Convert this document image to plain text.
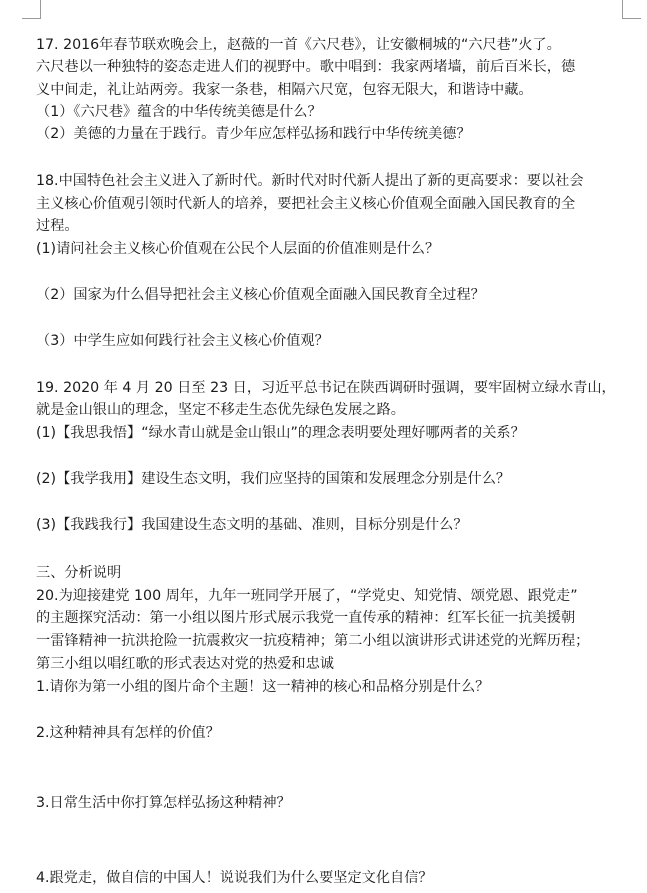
17. 2016年春节联欢晚会上，赵薇的一首《六尺巷》，让安徽桐城的“六尺巷”火了。
六尺巷以一种独特的姿态走进人们的视野中。歌中唱到：我家两堵墙，前后百米长，德
义中间走，礼让站两旁。我家一条巷，相隔六尺宽，包容无限大，和谐诗中藏。
（1）《六尺巷》蕴含的中华传统美德是什么？
（2）美德的力量在于践行。青少年应怎样弘扬和践行中华传统美德？
18.中国特色社会主义进入了新时代。新时代对时代新人提出了新的更高要求：要以社会
主义核心价值观引领时代新人的培养，要把社会主义核心价值观全面融入国民教育的全
过程。
(1)请问社会主义核心价值观在公民个人层面的价值准则是什么？
（2）国家为什么倡导把社会主义核心价值观全面融入国民教育全过程？
（3）中学生应如何践行社会主义核心价值观？
19. 2020 年 4 月 20 日至 23 日，习近平总书记在陕西调研时强调，要牢固树立绿水青山，
就是金山银山的理念，坚定不移走生态优先绿色发展之路。
(1)【我思我悟】“绿水青山就是金山银山”的理念表明要处理好哪两者的关系？
(2)【我学我用】建设生态文明，我们应坚持的国策和发展理念分别是什么？
(3)【我践我行】我国建设生态文明的基础、准则，目标分别是什么？
三、分析说明
20.为迎接建党 100 周年，九年一班同学开展了，“学党史、知党情、颂党恩、跟党走”
的主题探究活动：第一小组以图片形式展示我党一直传承的精神：红军长征一抗美援朝
一雷锋精神一抗洪抢险一抗震救灾一抗疫精神；第二小组以演讲形式讲述党的光辉历程；
第三小组以唱红歌的形式表达对党的热爱和忠诚
1.请你为第一小组的图片命个主题！这一精神的核心和品格分别是什么？
2.这种精神具有怎样的价值？
3.日常生活中你打算怎样弘扬这种精神？
4.跟党走，做自信的中国人！说说我们为什么要坚定文化自信？
